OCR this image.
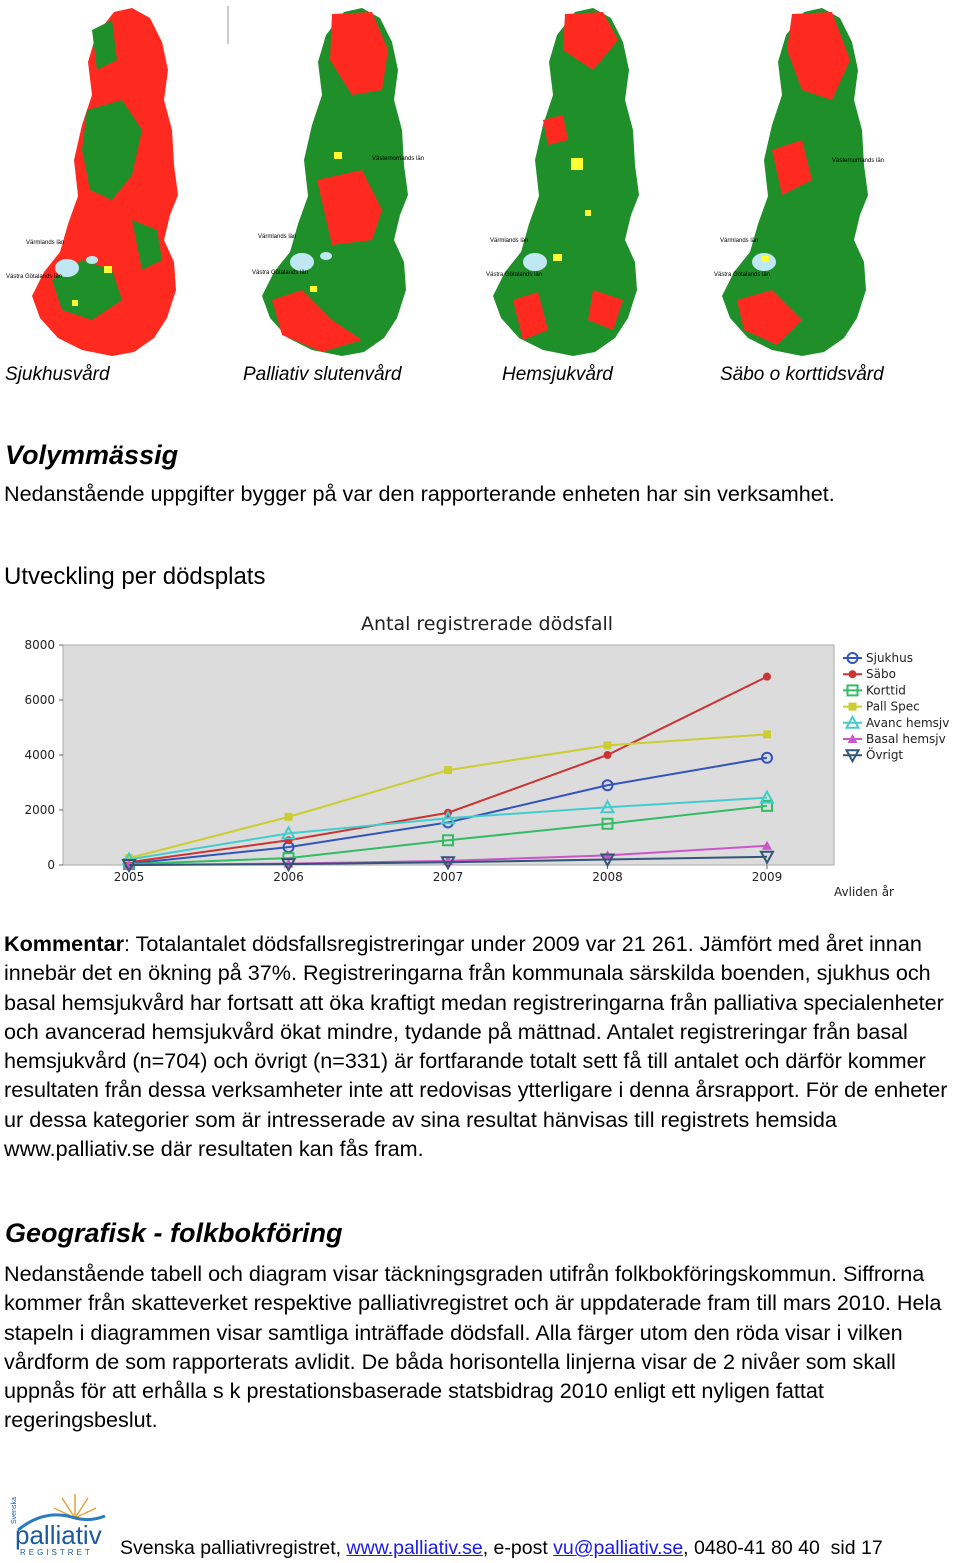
Värmlands län
Västra Götalands län
Värmlands län
Västra Götalands län
Västernorrlands län
Värmlands län
Västra Götalands län
Värmlands län
Västra Götalands län
Västernorrlands län
Sjukhusvård	Palliativ slutenvård	Hemsjukvård	Säbo o korttidsvård
Volymmässig

Nedanstående uppgifter bygger på var den rapporterande enheten har sin verksamhet.

Utveckling per dödsplats

Antal registrerade dödsfall
0
2000
4000
6000
8000
2005	2006	2007	2008	2009
Sjukhus
Säbo
Korttid
Pall Spec
Avanc hemsjv
Basal hemsjv
Övrigt
Avliden år

Kommentar: Totalantalet dödsfallsregistreringar under 2009 var 21 261. Jämfört med året innan innebär det en ökning på 37%. Registreringarna från kommunala särskilda boenden, sjukhus och basal hemsjukvård har fortsatt att öka kraftigt medan registreringarna från palliativa specialenheter och avancerad hemsjukvård ökat mindre, tydande på mättnad. Antalet registreringar från basal hemsjukvård (n=704) och övrigt (n=331) är fortfarande totalt sett få till antalet och därför kommer resultaten från dessa verksamheter inte att redovisas ytterligare i denna årsrapport. För de enheter ur dessa kategorier som är intresserade av sina resultat hänvisas till registrets hemsida www.palliativ.se där resultaten kan fås fram.

Geografisk - folkbokföring

Nedanstående tabell och diagram visar täckningsgraden utifrån folkbokföringskommun. Siffrorna kommer från skatteverket respektive palliativregistret och är uppdaterade fram till mars 2010. Hela stapeln i diagrammen visar samtliga inträffade dödsfall. Alla färger utom den röda visar i vilken vårdform de som rapporterats avlidit. De båda horisontella linjerna visar de 2 nivåer som skall uppnås för att erhålla s k prestationsbaserade statsbidrag 2010 enligt ett nyligen fattat regeringsbeslut.

palliativ
REGISTRET
Svenska
Svenska palliativregistret, www.palliativ.se, e-post vu@palliativ.se, 0480-41 80 40 sid 17
